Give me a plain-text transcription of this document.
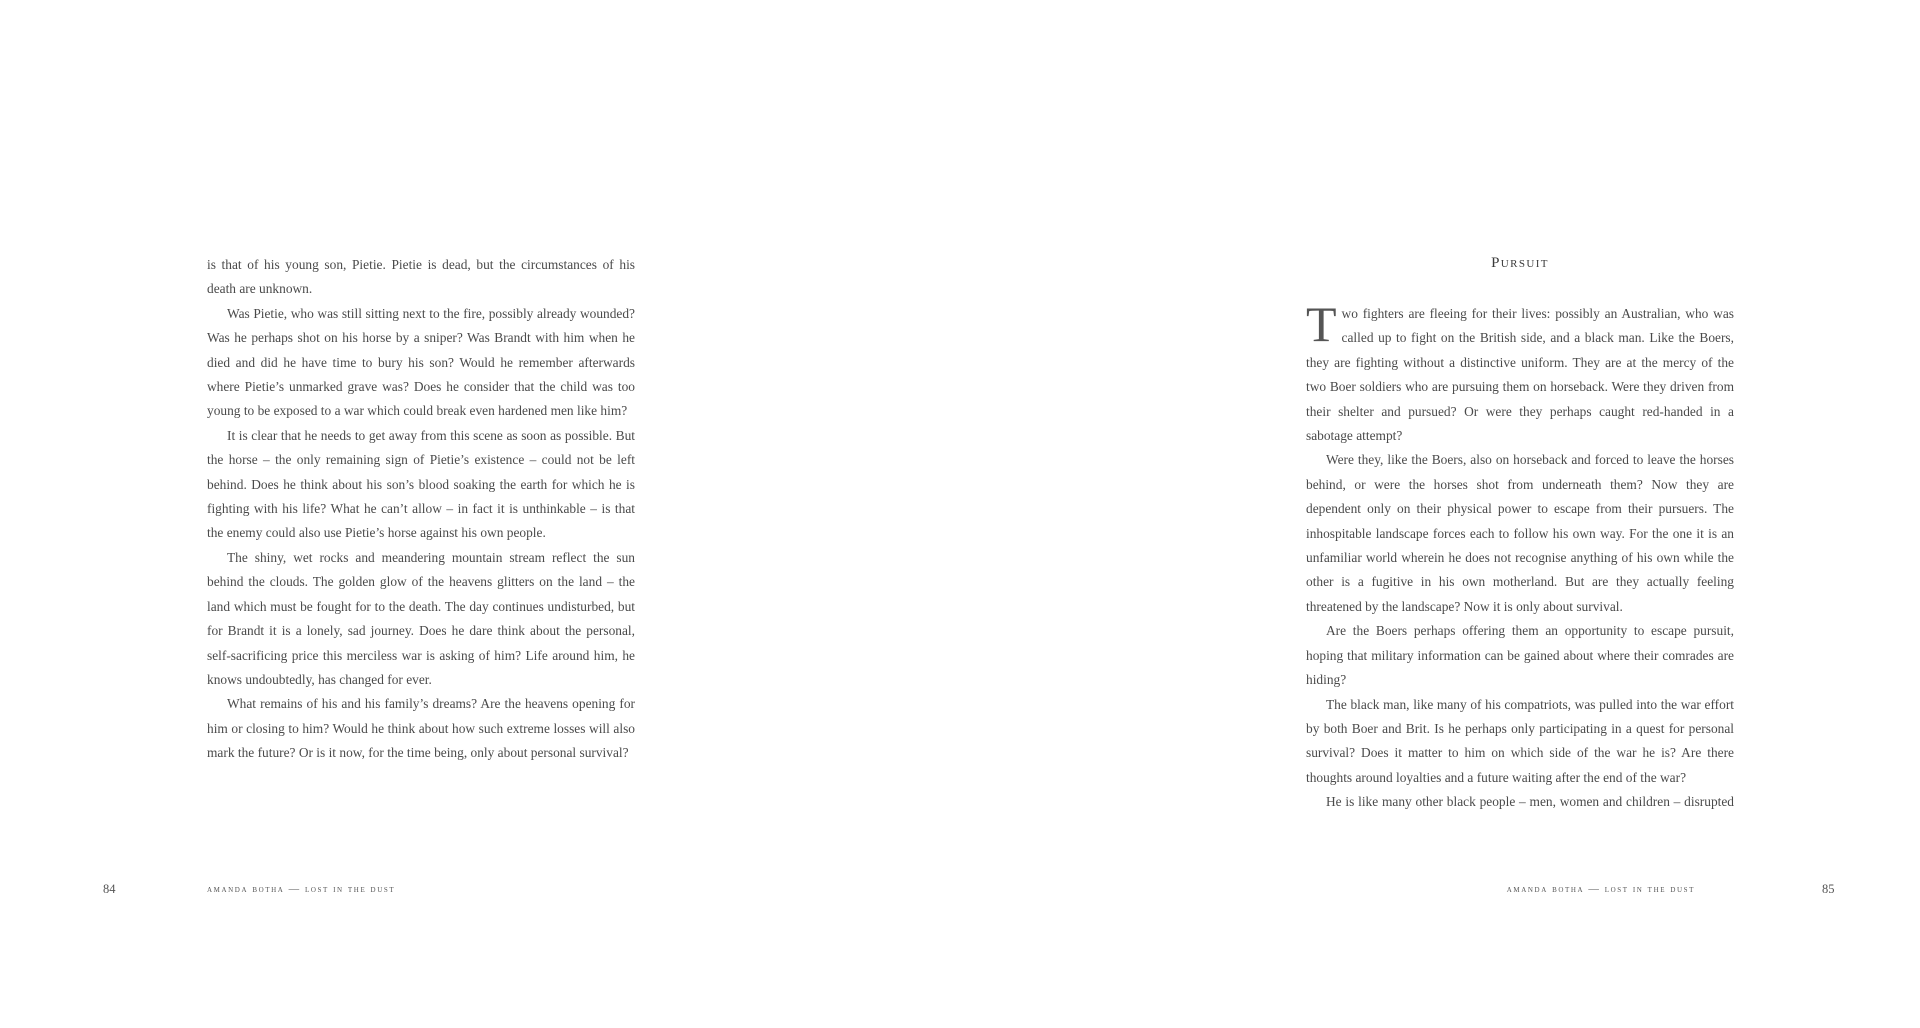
is that of his young son, Pietie. Pietie is dead, but the circumstances of his death are unknown.

Was Pietie, who was still sitting next to the fire, possibly already wounded? Was he perhaps shot on his horse by a sniper? Was Brandt with him when he died and did he have time to bury his son? Would he remember afterwards where Pietie’s unmarked grave was? Does he consider that the child was too young to be exposed to a war which could break even hardened men like him?

It is clear that he needs to get away from this scene as soon as possible. But the horse – the only remaining sign of Pietie’s existence – could not be left behind. Does he think about his son’s blood soaking the earth for which he is fighting with his life? What he can’t allow – in fact it is unthinkable – is that the enemy could also use Pietie’s horse against his own people.

The shiny, wet rocks and meandering mountain stream reflect the sun behind the clouds. The golden glow of the heavens glitters on the land – the land which must be fought for to the death. The day continues undisturbed, but for Brandt it is a lonely, sad journey. Does he dare think about the personal, self-sacrificing price this merciless war is asking of him? Life around him, he knows undoubtedly, has changed for ever.

What remains of his and his family’s dreams? Are the heavens opening for him or closing to him? Would he think about how such extreme losses will also mark the future? Or is it now, for the time being, only about personal survival?

84	amanda botha — lost in the dust
Pursuit

Two fighters are fleeing for their lives: possibly an Australian, who was called up to fight on the British side, and a black man. Like the Boers, they are fighting without a distinctive uniform. They are at the mercy of the two Boer soldiers who are pursuing them on horseback. Were they driven from their shelter and pursued? Or were they perhaps caught red-handed in a sabotage attempt?

Were they, like the Boers, also on horseback and forced to leave the horses behind, or were the horses shot from underneath them? Now they are dependent only on their physical power to escape from their pursuers. The inhospitable landscape forces each to follow his own way. For the one it is an unfamiliar world wherein he does not recognise anything of his own while the other is a fugitive in his own motherland. But are they actually feeling threatened by the landscape? Now it is only about survival.

Are the Boers perhaps offering them an opportunity to escape pursuit, hoping that military information can be gained about where their comrades are hiding?

The black man, like many of his compatriots, was pulled into the war effort by both Boer and Brit. Is he perhaps only participating in a quest for personal survival? Does it matter to him on which side of the war he is? Are there thoughts around loyalties and a future waiting after the end of the war?

He is like many other black people – men, women and children – disrupted

amanda botha — lost in the dust	85
